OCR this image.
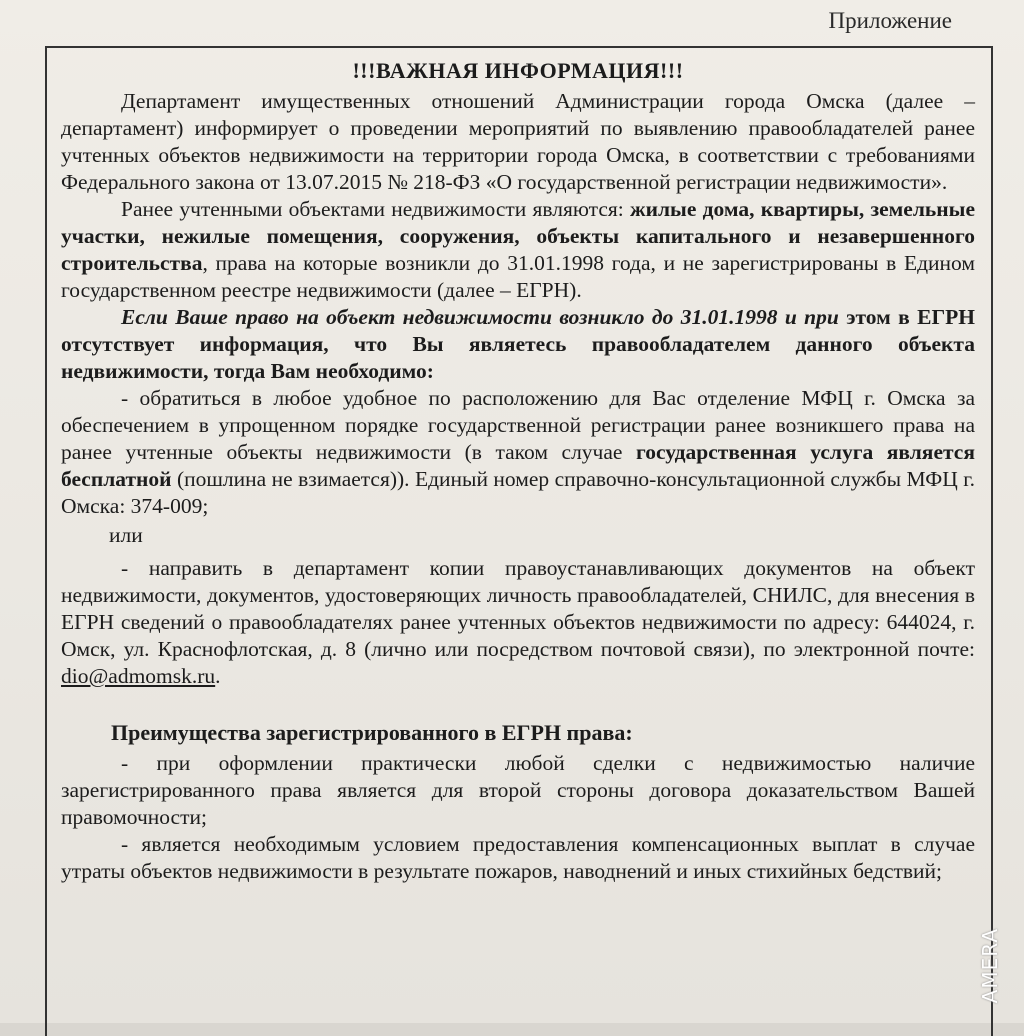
Приложение
!!!ВАЖНАЯ ИНФОРМАЦИЯ!!!

Департамент имущественных отношений Администрации города Омска (далее – департамент) информирует о проведении мероприятий по выявлению правообладателей ранее учтенных объектов недвижимости на территории города Омска, в соответствии с требованиями Федерального закона от 13.07.2015 № 218-ФЗ «О государственной регистрации недвижимости».

Ранее учтенными объектами недвижимости являются: жилые дома, квартиры, земельные участки, нежилые помещения, сооружения, объекты капитального и незавершенного строительства, права на которые возникли до 31.01.1998 года, и не зарегистрированы в Едином государственном реестре недвижимости (далее – ЕГРН).

Если Ваше право на объект недвижимости возникло до 31.01.1998 и при этом в ЕГРН отсутствует информация, что Вы являетесь правообладателем данного объекта недвижимости, тогда Вам необходимо:

- обратиться в любое удобное по расположению для Вас отделение МФЦ г. Омска за обеспечением в упрощенном порядке государственной регистрации ранее возникшего права на ранее учтенные объекты недвижимости (в таком случае государственная услуга является бесплатной (пошлина не взимается)). Единый номер справочно-консультационной службы МФЦ г. Омска: 374-009;

или

- направить в департамент копии правоустанавливающих документов на объект недвижимости, документов, удостоверяющих личность правообладателей, СНИЛС, для внесения в ЕГРН сведений о правообладателях ранее учтенных объектов недвижимости по адресу: 644024, г. Омск, ул. Краснофлотская, д. 8 (лично или посредством почтовой связи), по электронной почте: dio@admomsk.ru.

Преимущества зарегистрированного в ЕГРН права:

- при оформлении практически любой сделки с недвижимостью наличие зарегистрированного права является для второй стороны договора доказательством Вашей правомочности;

- является необходимым условием предоставления компенсационных выплат в случае утраты объектов недвижимости в результате пожаров, наводнений и иных стихийных бедствий;

AMERA
